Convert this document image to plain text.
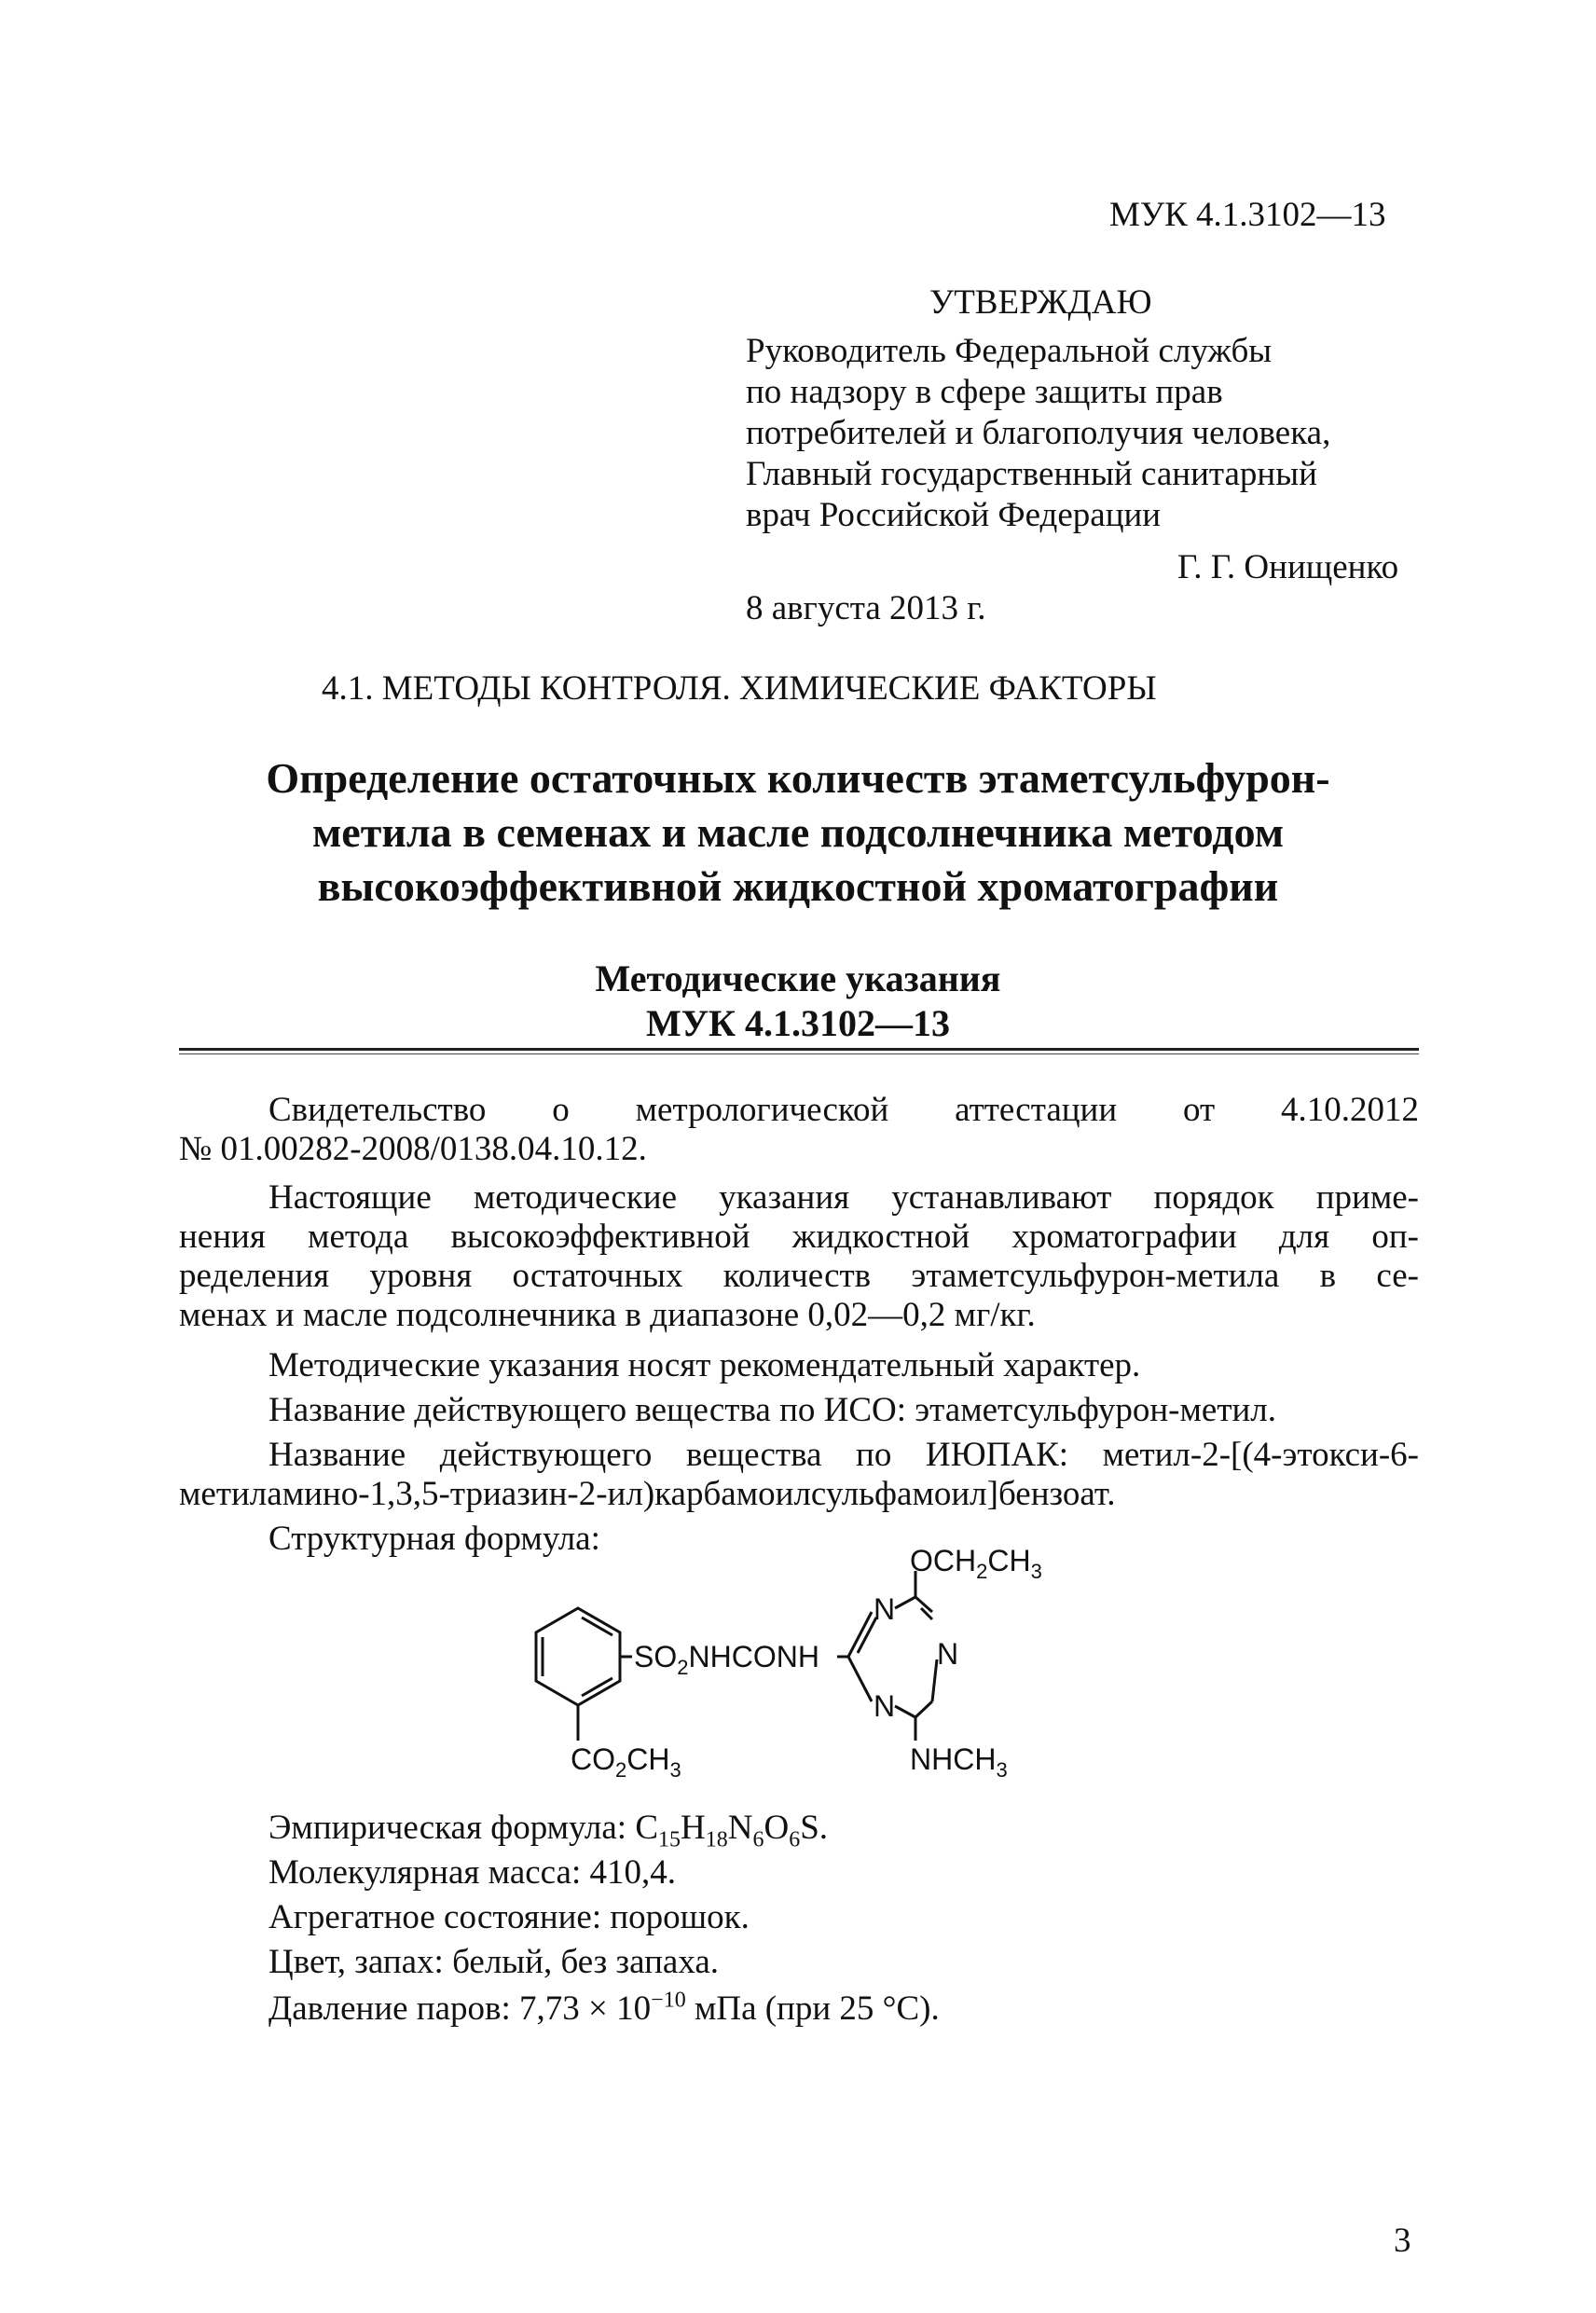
МУК 4.1.3102—13
УТВЕРЖДАЮ
Руководитель Федеральной службы
по надзору в сфере защиты прав
потребителей и благополучия человека,
Главный государственный санитарный
врач Российской Федерации
Г. Г. Онищенко
8 августа 2013 г.
4.1. МЕТОДЫ КОНТРОЛЯ. ХИМИЧЕСКИЕ ФАКТОРЫ
Определение остаточных количеств этаметсульфурон-
метила в семенах и масле подсолнечника методом
высокоэффективной жидкостной хроматографии
Методические указания
МУК 4.1.3102—13
Свидетельство о метрологической аттестации от 4.10.2012
№ 01.00282-2008/0138.04.10.12.
Настоящие методические указания устанавливают порядок приме-
нения метода высокоэффективной жидкостной хроматографии для оп-
ределения уровня остаточных количеств этаметсульфурон-метила в се-
менах и масле подсолнечника в диапазоне 0,02—0,2 мг/кг.
Методические указания носят рекомендательный характер.
Название действующего вещества по ИСО: этаметсульфурон-метил.
Название действующего вещества по ИЮПАК: метил-2-[(4-этокси-6-
метиламино-1,3,5-триазин-2-ил)карбамоилсульфамоил]бензоат.
Структурная формула:
$SO_2NHCONH$
$CO_2CH_3$
N
N
N
$OCH_2CH_3$
$NHCH_3$
Эмпирическая формула: $C_{15}H_{18}N_6O_6S$.
Молекулярная масса: 410,4.
Агрегатное состояние: порошок.
Цвет, запах: белый, без запаха.
Давление паров: $7,73 \times 10^{-10}$ мПа (при 25 °С).
3
